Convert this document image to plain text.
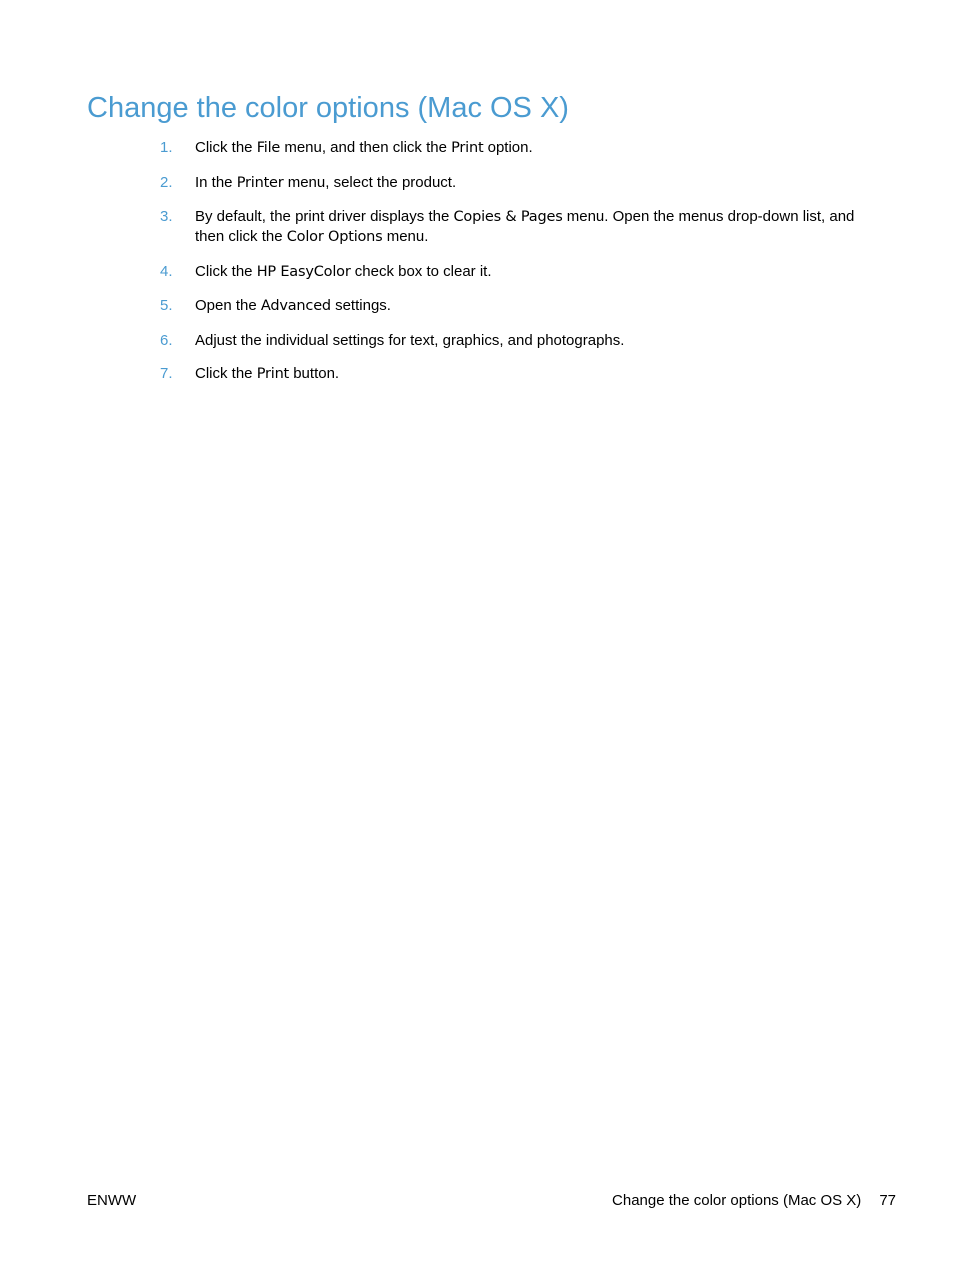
Change the color options (Mac OS X)
1. Click the File menu, and then click the Print option.
2. In the Printer menu, select the product.
3. By default, the print driver displays the Copies & Pages menu. Open the menus drop-down list, and then click the Color Options menu.
4. Click the HP EasyColor check box to clear it.
5. Open the Advanced settings.
6. Adjust the individual settings for text, graphics, and photographs.
7. Click the Print button.
ENWW	Change the color options (Mac OS X) 77
